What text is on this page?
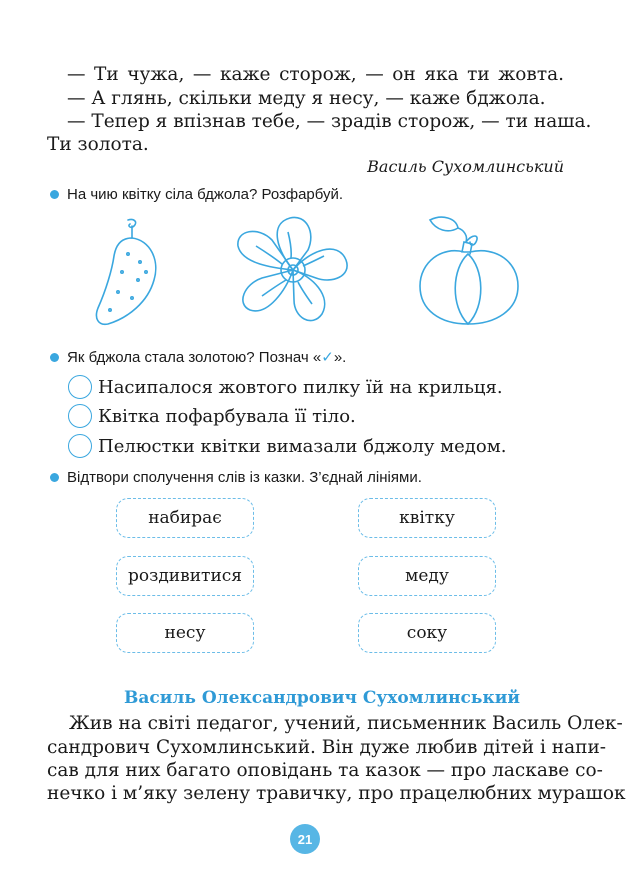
— Ти чужа, — каже сторож, — он яка ти жовта.
— А глянь, скільки меду я несу, — каже бджола.
— Тепер я впізнав тебе, — зрадів сторож, — ти наша.
Ти золота.
Василь Сухомлинський
На чию квітку сіла бджола? Розфарбуй.
Як бджола стала золотою? Познач «✓».
Насипалося жовтого пилку їй на крильця.
Квітка пофарбувала її тіло.
Пелюстки квітки вимазали бджолу медом.
Відтвори сполучення слів із казки. З’єднай лініями.
набирає
роздивитися
несу
квітку
меду
соку
Василь Олександрович Сухомлинський
Жив на світі педагог, учений, письменник Василь Олек-
сандрович Сухомлинський. Він дуже любив дітей і напи-
сав для них багато оповідань та казок — про ласкаве со-
нечко і м’яку зелену травичку, про працелюбних мурашок
21
